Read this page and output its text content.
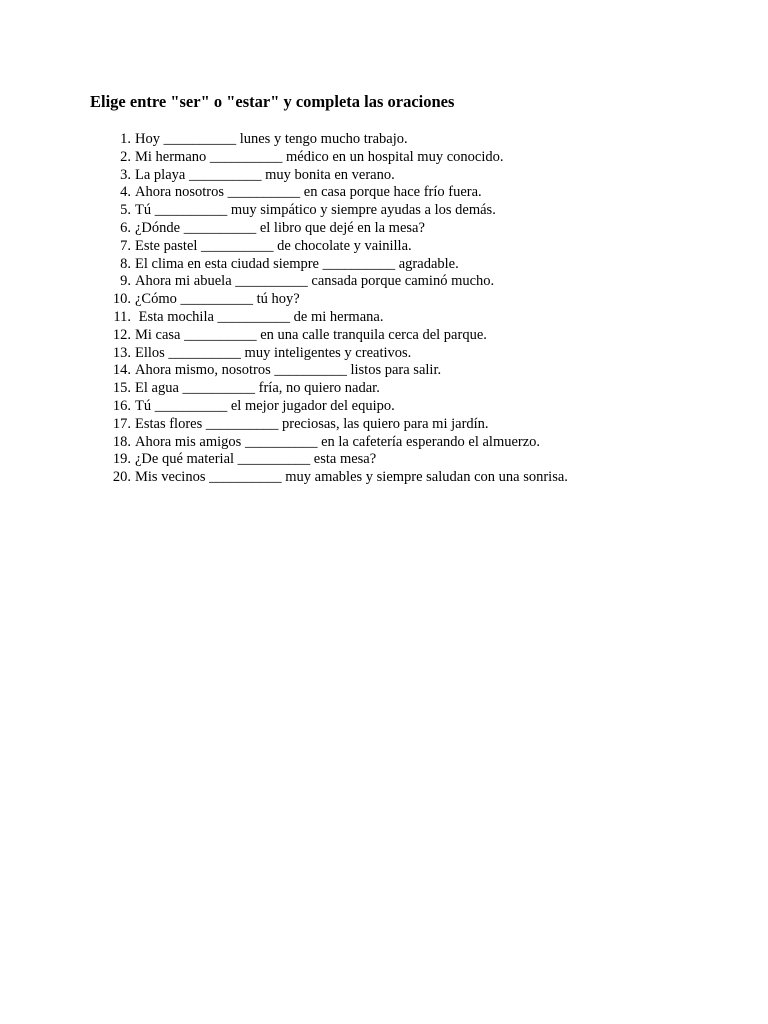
Elige entre "ser" o "estar" y completa las oraciones
1. Hoy __________ lunes y tengo mucho trabajo.
2. Mi hermano __________ médico en un hospital muy conocido.
3. La playa __________ muy bonita en verano.
4. Ahora nosotros __________ en casa porque hace frío fuera.
5. Tú __________ muy simpático y siempre ayudas a los demás.
6. ¿Dónde __________ el libro que dejé en la mesa?
7. Este pastel __________ de chocolate y vainilla.
8. El clima en esta ciudad siempre __________ agradable.
9. Ahora mi abuela __________ cansada porque caminó mucho.
10. ¿Cómo __________ tú hoy?
11. Esta mochila __________ de mi hermana.
12. Mi casa __________ en una calle tranquila cerca del parque.
13. Ellos __________ muy inteligentes y creativos.
14. Ahora mismo, nosotros __________ listos para salir.
15. El agua __________ fría, no quiero nadar.
16. Tú __________ el mejor jugador del equipo.
17. Estas flores __________ preciosas, las quiero para mi jardín.
18. Ahora mis amigos __________ en la cafetería esperando el almuerzo.
19. ¿De qué material __________ esta mesa?
20. Mis vecinos __________ muy amables y siempre saludan con una sonrisa.
